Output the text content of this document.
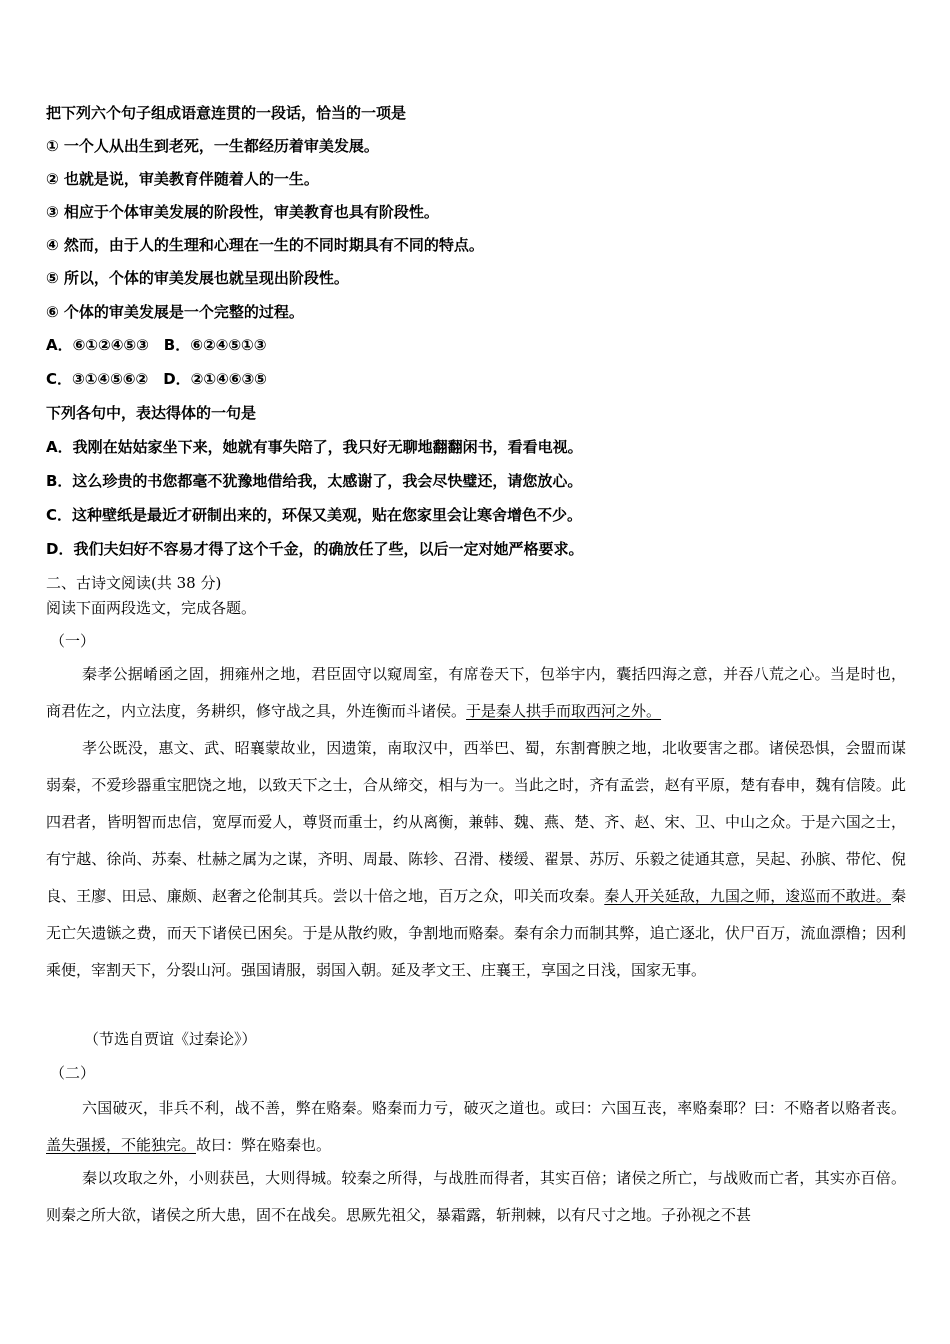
把下列六个句子组成语意连贯的一段话，恰当的一项是
① 一个人从出生到老死，一生都经历着审美发展。
② 也就是说，审美教育伴随着人的一生。
③ 相应于个体审美发展的阶段性，审美教育也具有阶段性。
④ 然而，由于人的生理和心理在一生的不同时期具有不同的特点。
⑤ 所以，个体的审美发展也就呈现出阶段性。
⑥ 个体的审美发展是一个完整的过程。
A．⑥①②④⑤③　B．⑥②④⑤①③
C．③①④⑤⑥②　D．②①④⑥③⑤
下列各句中，表达得体的一句是
A．我刚在姑姑家坐下来，她就有事失陪了，我只好无聊地翻翻闲书，看看电视。
B．这么珍贵的书您都毫不犹豫地借给我，太感谢了，我会尽快璧还，请您放心。
C．这种壁纸是最近才研制出来的，环保又美观，贴在您家里会让寒舍增色不少。
D．我们夫妇好不容易才得了这个千金，的确放任了些，以后一定对她严格要求。
二、古诗文阅读(共 38 分)
阅读下面两段选文，完成各题。
（一）

秦孝公据崤函之固，拥雍州之地，君臣固守以窥周室，有席卷天下，包举宇内，囊括四海之意，并吞八荒之心。当是时也，商君佐之，内立法度，务耕织，修守战之具，外连衡而斗诸侯。于是秦人拱手而取西河之外。

孝公既没，惠文、武、昭襄蒙故业，因遗策，南取汉中，西举巴、蜀，东割膏腴之地，北收要害之郡。诸侯恐惧，会盟而谋弱秦，不爱珍器重宝肥饶之地，以致天下之士，合从缔交，相与为一。当此之时，齐有孟尝，赵有平原，楚有春申，魏有信陵。此四君者，皆明智而忠信，宽厚而爱人，尊贤而重士，约从离衡，兼韩、魏、燕、楚、齐、赵、宋、卫、中山之众。于是六国之士，有宁越、徐尚、苏秦、杜赫之属为之谋，齐明、周最、陈轸、召滑、楼缓、翟景、苏厉、乐毅之徒通其意，吴起、孙膑、带佗、倪良、王廖、田忌、廉颇、赵奢之伦制其兵。尝以十倍之地，百万之众，叩关而攻秦。秦人开关延敌，九国之师，逡巡而不敢进。秦无亡矢遗镞之费，而天下诸侯已困矣。于是从散约败，争割地而赂秦。秦有余力而制其弊，追亡逐北，伏尸百万，流血漂橹；因利乘便，宰割天下，分裂山河。强国请服，弱国入朝。延及孝文王、庄襄王，享国之日浅，国家无事。

（节选自贾谊《过秦论》）
（二）

六国破灭，非兵不利，战不善，弊在赂秦。赂秦而力亏，破灭之道也。或曰：六国互丧，率赂秦耶？曰：不赂者以赂者丧。盖失强援，不能独完。故曰：弊在赂秦也。

秦以攻取之外，小则获邑，大则得城。较秦之所得，与战胜而得者，其实百倍；诸侯之所亡，与战败而亡者，其实亦百倍。则秦之所大欲，诸侯之所大患，固不在战矣。思厥先祖父，暴霜露，斩荆棘，以有尺寸之地。子孙视之不甚
